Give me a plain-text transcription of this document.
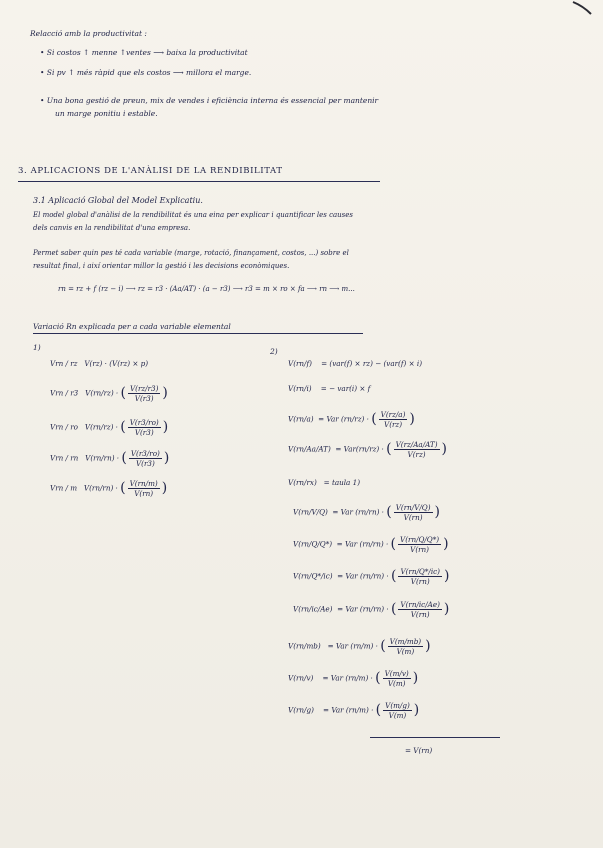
Relacció amb la productivitat :
• Si costos ↑ menne ↑ventes ⟶ baixa la productivitat
• Si pv ↑ més ràpid que els costos ⟶ millora el marge.
• Una bona gestió de preun, mix de vendes i eficiència interna és essencial per mantenir
un marge ponitiu i estable.
3. APLICACIONS DE L'ANÀLISI DE LA RENDIBILITAT
3.1 Aplicació Global del Model Explicatiu.
El model global d'anàlisi de la rendibilitat és una eina per explicar i quantificar les causes
dels canvis en la rendibilitat d'una empresa.
Permet saber quin pes té cada variable (marge, rotació, finançament, costos, ...) sobre el
resultat final, i així orientar millor la gestió i les decisions econòmiques.
rn = rz + f (rz − i) ⟶ rz = r3 · (Aa/AT) · (a − r3) ⟶ r3 = m × ro × fa ⟶ rn ⟶ m...
Variació Rn explicada per a cada variable elemental
1)
Vrn / rz V(rz) · (V(rz) × p)
Vrn / r3 V(rn/rz) · ( $\frac{V(rz/r3)}{V(r3)}$ )
Vrn / ro V(rn/rz) · ( $\frac{V(r3/ro)}{V(r3)}$ )
Vrn / rn V(rn/rn) · ( $\frac{V(r3/ro)}{V(r3)}$ )
Vrn / m V(rn/rn) · ( $\frac{V(rn/m)}{V(rn)}$ )
2)
V(rn/f) = (var(f) × rz) − (var(f) × i)
V(rn/i) = − var(i) × f
V(rn/a) = Var (rn/rz) · ( $\frac{V(rz/a)}{V(rz)}$ )
V(rn/Aa/AT) = Var(rn/rz) · ( $\frac{V(rz/Aa/AT)}{V(rz)}$ )
V(rn/rx) = taula 1)
V(rn/V/Q) = Var (rn/rn) · ( $\frac{V(rn/V/Q)}{V(rn)}$ )
V(rn/Q/Q*) = Var (rn/rn) · ( $\frac{V(rn/Q/Q*)}{V(rn)}$ )
V(rn/Q*/ic) = Var (rn/rn) · ( $\frac{V(rn/Q*/ic)}{V(rn)}$ )
V(rn/ic/Ae) = Var (rn/rn) · ( $\frac{V(rn/ic/Ae)}{V(rn)}$ )
V(rn/mb) = Var (rn/m) · ( $\frac{V(m/mb)}{V(m)}$ )
V(rn/v) = Var (rn/m) · ( $\frac{V(m/v)}{V(m)}$ )
V(rn/g) = Var (rn/m) · ( $\frac{V(m/g)}{V(m)}$ )
= V(rn)
